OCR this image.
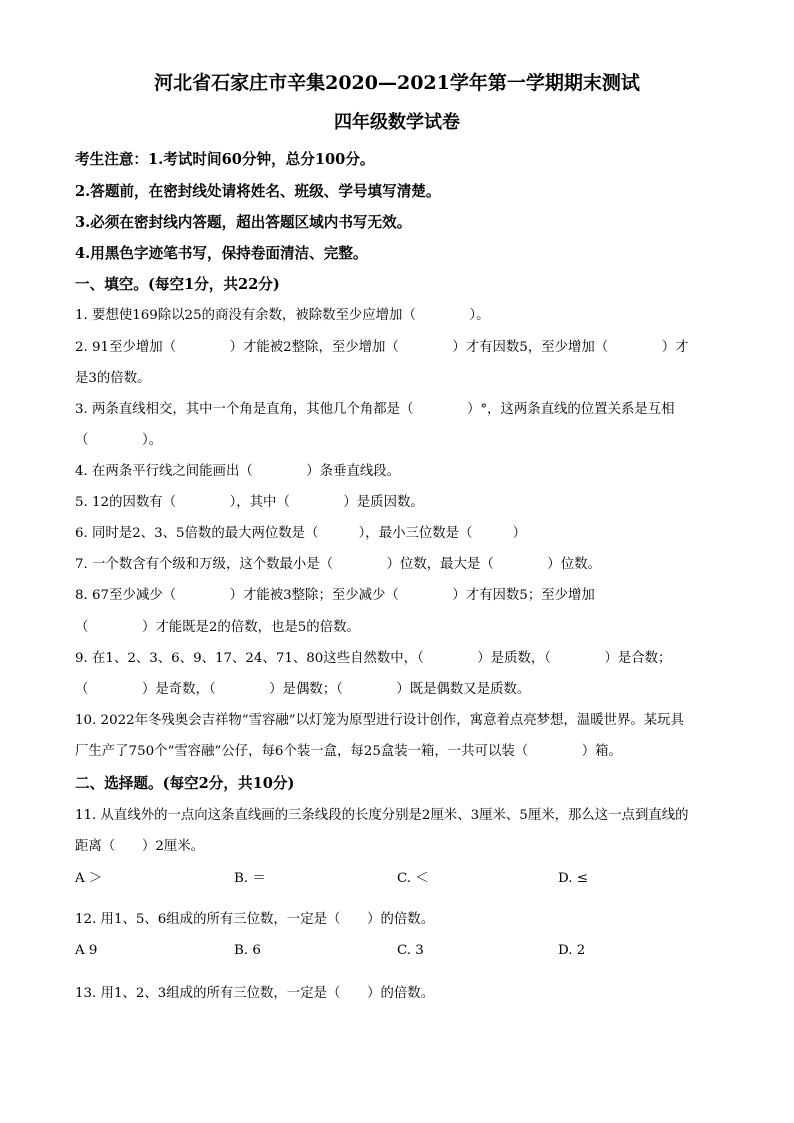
河北省石家庄市辛集2020—2021学年第一学期期末测试
四年级数学试卷
考生注意：1.考试时间60分钟，总分100分。
2.答题前，在密封线处请将姓名、班级、学号填写清楚。
3.必须在密封线内答题，超出答题区域内书写无效。
4.用黑色字迹笔书写，保持卷面清洁、完整。
一、填空。(每空1分，共22分)
1. 要想使169除以25的商没有余数，被除数至少应增加（　　　　）。
2. 91至少增加（　　　　）才能被2整除，至少增加（　　　　）才有因数5，至少增加（　　　　）才
是3的倍数。
3. 两条直线相交，其中一个角是直角，其他几个角都是（　　　　）°，这两条直线的位置关系是互相
（　　　　）。
4. 在两条平行线之间能画出（　　　　）条垂直线段。
5. 12的因数有（　　　　），其中（　　　　）是质因数。
6. 同时是2、3、5倍数的最大两位数是（　　　），最小三位数是（　　　）
7. 一个数含有个级和万级，这个数最小是（　　　　）位数，最大是（　　　　）位数。
8. 67至少减少（　　　　）才能被3整除；至少减少（　　　　）才有因数5；至少增加
（　　　　）才能既是2的倍数，也是5的倍数。
9. 在1、2、3、6、9、17、24、71、80这些自然数中，（　　　　）是质数，（　　　　）是合数；
（　　　　）是奇数，（　　　　）是偶数；（　　　　）既是偶数又是质数。
10. 2022年冬残奥会吉祥物“雪容融”以灯笼为原型进行设计创作，寓意着点亮梦想，温暖世界。某玩具
厂生产了750个“雪容融”公仔，每6个装一盒，每25盒装一箱，一共可以装（　　　　）箱。
二、选择题。(每空2分，共10分)
11. 从直线外的一点向这条直线画的三条线段的长度分别是2厘米、3厘米、5厘米，那么这一点到直线的
距离（　　）2厘米。
A ＞	B. ＝	C. ＜	D. ≤
12. 用1、5、6组成的所有三位数，一定是（　　）的倍数。
A 9	B. 6	C. 3	D. 2
13. 用1、2、3组成的所有三位数，一定是（　　）的倍数。
